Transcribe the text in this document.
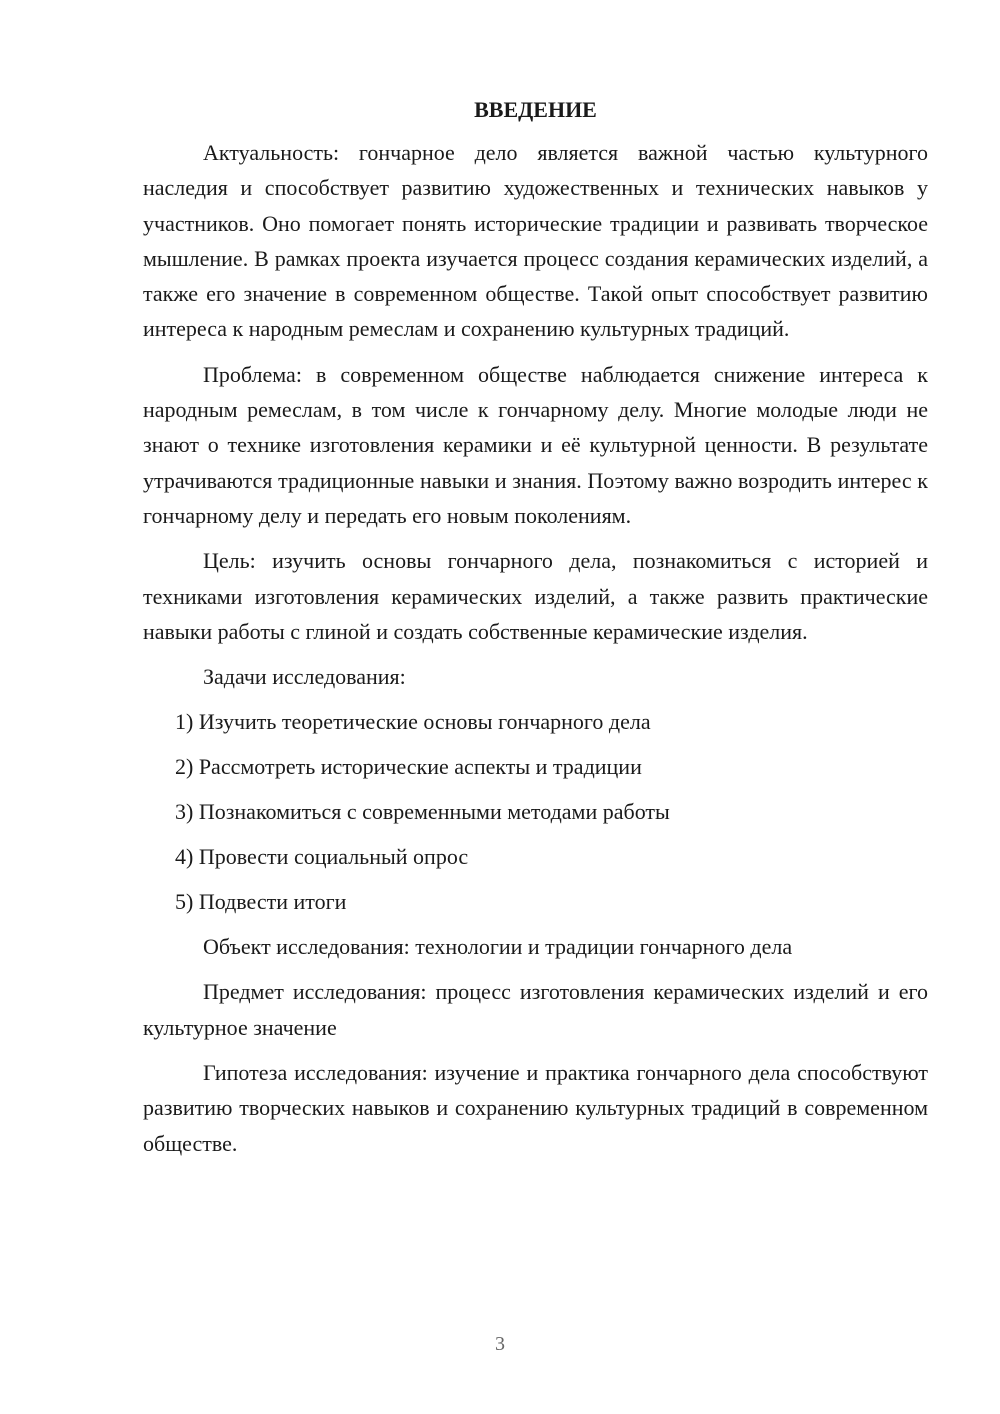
ВВЕДЕНИЕ

Актуальность: гончарное дело является важной частью культурного наследия и способствует развитию художественных и технических навыков у участников. Оно помогает понять исторические традиции и развивать творческое мышление. В рамках проекта изучается процесс создания керамических изделий, а также его значение в современном обществе. Такой опыт способствует развитию интереса к народным ремеслам и сохранению культурных традиций.

Проблема: в современном обществе наблюдается снижение интереса к народным ремеслам, в том числе к гончарному делу. Многие молодые люди не знают о технике изготовления керамики и её культурной ценности. В результате утрачиваются традиционные навыки и знания. Поэтому важно возродить интерес к гончарному делу и передать его новым поколениям.

Цель: изучить основы гончарного дела, познакомиться с историей и техниками изготовления керамических изделий, а также развить практические навыки работы с глиной и создать собственные керамические изделия.

Задачи исследования:

1) Изучить теоретические основы гончарного дела
2) Рассмотреть исторические аспекты и традиции
3) Познакомиться с современными методами работы
4) Провести социальный опрос
5) Подвести итоги

Объект исследования: технологии и традиции гончарного дела

Предмет исследования: процесс изготовления керамических изделий и его культурное значение

Гипотеза исследования: изучение и практика гончарного дела способствуют развитию творческих навыков и сохранению культурных традиций в современном обществе.

3
